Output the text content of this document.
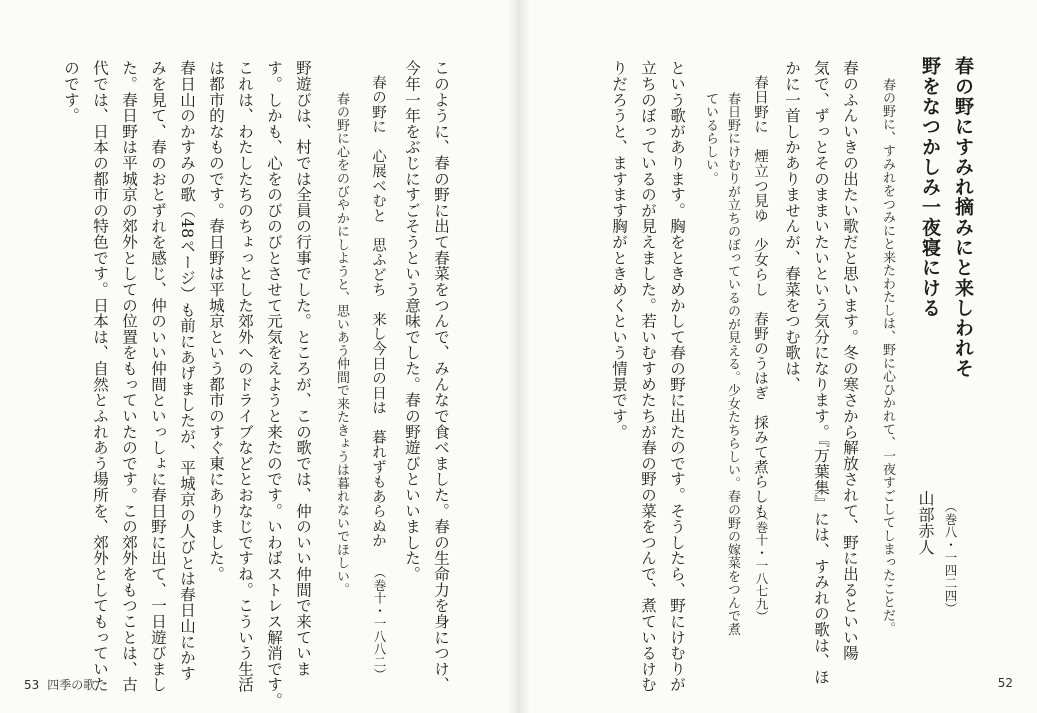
このように、春の野に出て春菜をつんで、みんなで食べました。春の生命力を身につけ、
今年一年をぶじにすごそうという意味でした。春の野遊びといいました。
春の野に　心展べむと　思ふどち　来し今日の日は　暮れずもあらぬか
（巻十・一八八二）
春の野に心をのびやかにしようと、思いあう仲間で来たきょうは暮れないでほしい。
野遊びは、村では全員の行事でした。ところが、この歌では、仲のいい仲間で来ていま
す。しかも、心をのびのびとさせて元気をえようと来たのです。いわばストレス解消です。
これは、わたしたちのちょっとした郊外へのドライブなどとおなじですね。こういう生活
は都市的なものです。春日野は平城京という都市のすぐ東にありました。
春日山のかすみの歌（48ページ）も前にあげましたが、平城京の人びとは春日山にかす
みを見て、春のおとずれを感じ、仲のいい仲間といっしょに春日野に出て、一日遊びまし
た。春日野は平城京の郊外としての位置をもっていたのです。この郊外をもつことは、古
代では、日本の都市の特色です。日本は、自然とふれあう場所を、郊外としてもっていた
のです。
53 四季の歌
春の野にすみれ摘みにと来しわれそ
野をなつかしみ一夜寝にける
山部赤人 （巻八・一四二四）
春の野に、すみれをつみにと来たわたしは、野に心ひかれて、一夜すごしてしまったことだ。
春のふんいきの出たい歌だと思います。冬の寒さから解放されて、野に出るといい陽
気で、ずっとそのままいたいという気分になります。『万葉集』には、すみれの歌は、ほ
かに一首しかありませんが、春菜をつむ歌は、
春日野に　煙立つ見ゆ　少女らし　春野のうはぎ　採みて煮らしも
（巻十・一八七九）
春日野にけむりが立ちのぼっているのが見える。少女たちらしい。春の野の嫁菜をつんで煮
ているらしい。
という歌があります。胸をときめかして春の野に出たのです。そうしたら、野にけむりが
立ちのぼっているのが見えました。若いむすめたちが春の野の菜をつんで、煮ているけむ
りだろうと、ますます胸がときめくという情景です。
52
